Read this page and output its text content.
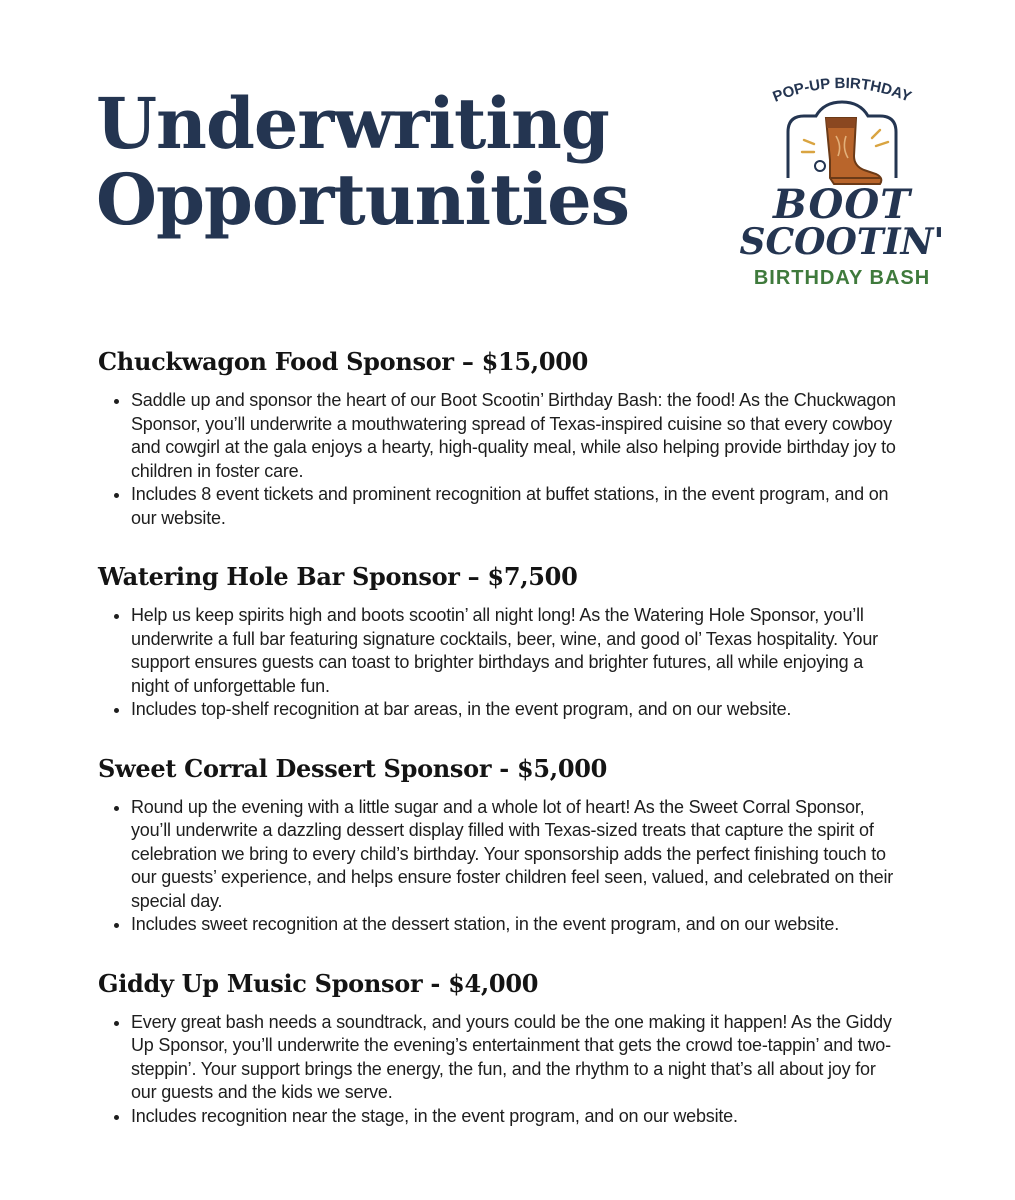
Underwriting
Opportunities
POP-UP BIRTHDAY
BOOT
SCOOTIN'
BIRTHDAY BASH
Chuckwagon Food Sponsor – $15,000
• Saddle up and sponsor the heart of our Boot Scootin’ Birthday Bash: the food! As the Chuckwagon Sponsor, you’ll underwrite a mouthwatering spread of Texas-inspired cuisine so that every cowboy and cowgirl at the gala enjoys a hearty, high-quality meal, while also helping provide birthday joy to children in foster care.
• Includes 8 event tickets and prominent recognition at buffet stations, in the event program, and on our website.
Watering Hole Bar Sponsor – $7,500
• Help us keep spirits high and boots scootin’ all night long! As the Watering Hole Sponsor, you’ll underwrite a full bar featuring signature cocktails, beer, wine, and good ol’ Texas hospitality. Your support ensures guests can toast to brighter birthdays and brighter futures, all while enjoying a night of unforgettable fun.
• Includes top-shelf recognition at bar areas, in the event program, and on our website.
Sweet Corral Dessert Sponsor - $5,000
• Round up the evening with a little sugar and a whole lot of heart! As the Sweet Corral Sponsor, you’ll underwrite a dazzling dessert display filled with Texas-sized treats that capture the spirit of celebration we bring to every child’s birthday. Your sponsorship adds the perfect finishing touch to our guests’ experience, and helps ensure foster children feel seen, valued, and celebrated on their special day.
• Includes sweet recognition at the dessert station, in the event program, and on our website.
Giddy Up Music Sponsor - $4,000
• Every great bash needs a soundtrack, and yours could be the one making it happen! As the Giddy Up Sponsor, you’ll underwrite the evening’s entertainment that gets the crowd toe-tappin’ and two-steppin’. Your support brings the energy, the fun, and the rhythm to a night that’s all about joy for our guests and the kids we serve.
• Includes recognition near the stage, in the event program, and on our website.
